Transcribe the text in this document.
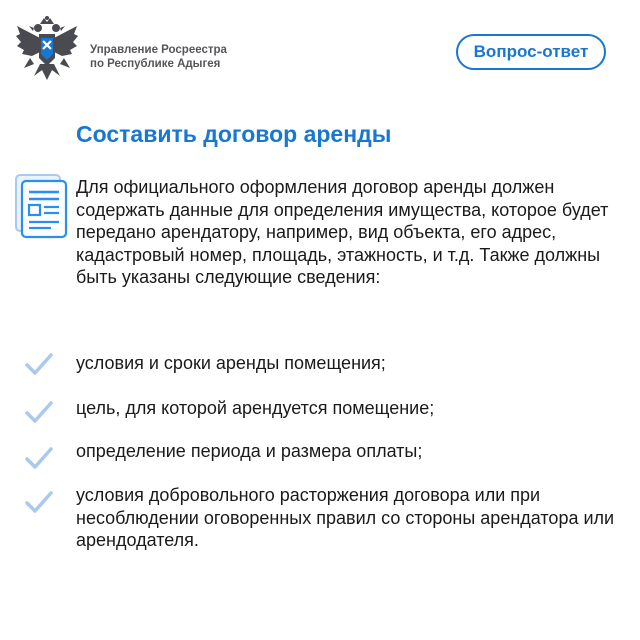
Управление Росреестра
по Республике Адыгея
Вопрос-ответ
Составить договор аренды
Для официального оформления договор аренды должен содержать данные для определения имущества, которое будет передано арендатору, например, вид объекта, его адрес, кадастровый номер, площадь, этажность, и т.д. Также должны быть указаны следующие сведения:
условия и сроки аренды помещения;
цель, для которой арендуется помещение;
определение периода и размера оплаты;
условия добровольного расторжения договора или при несоблюдении оговоренных правил со стороны арендатора или арендодателя.
